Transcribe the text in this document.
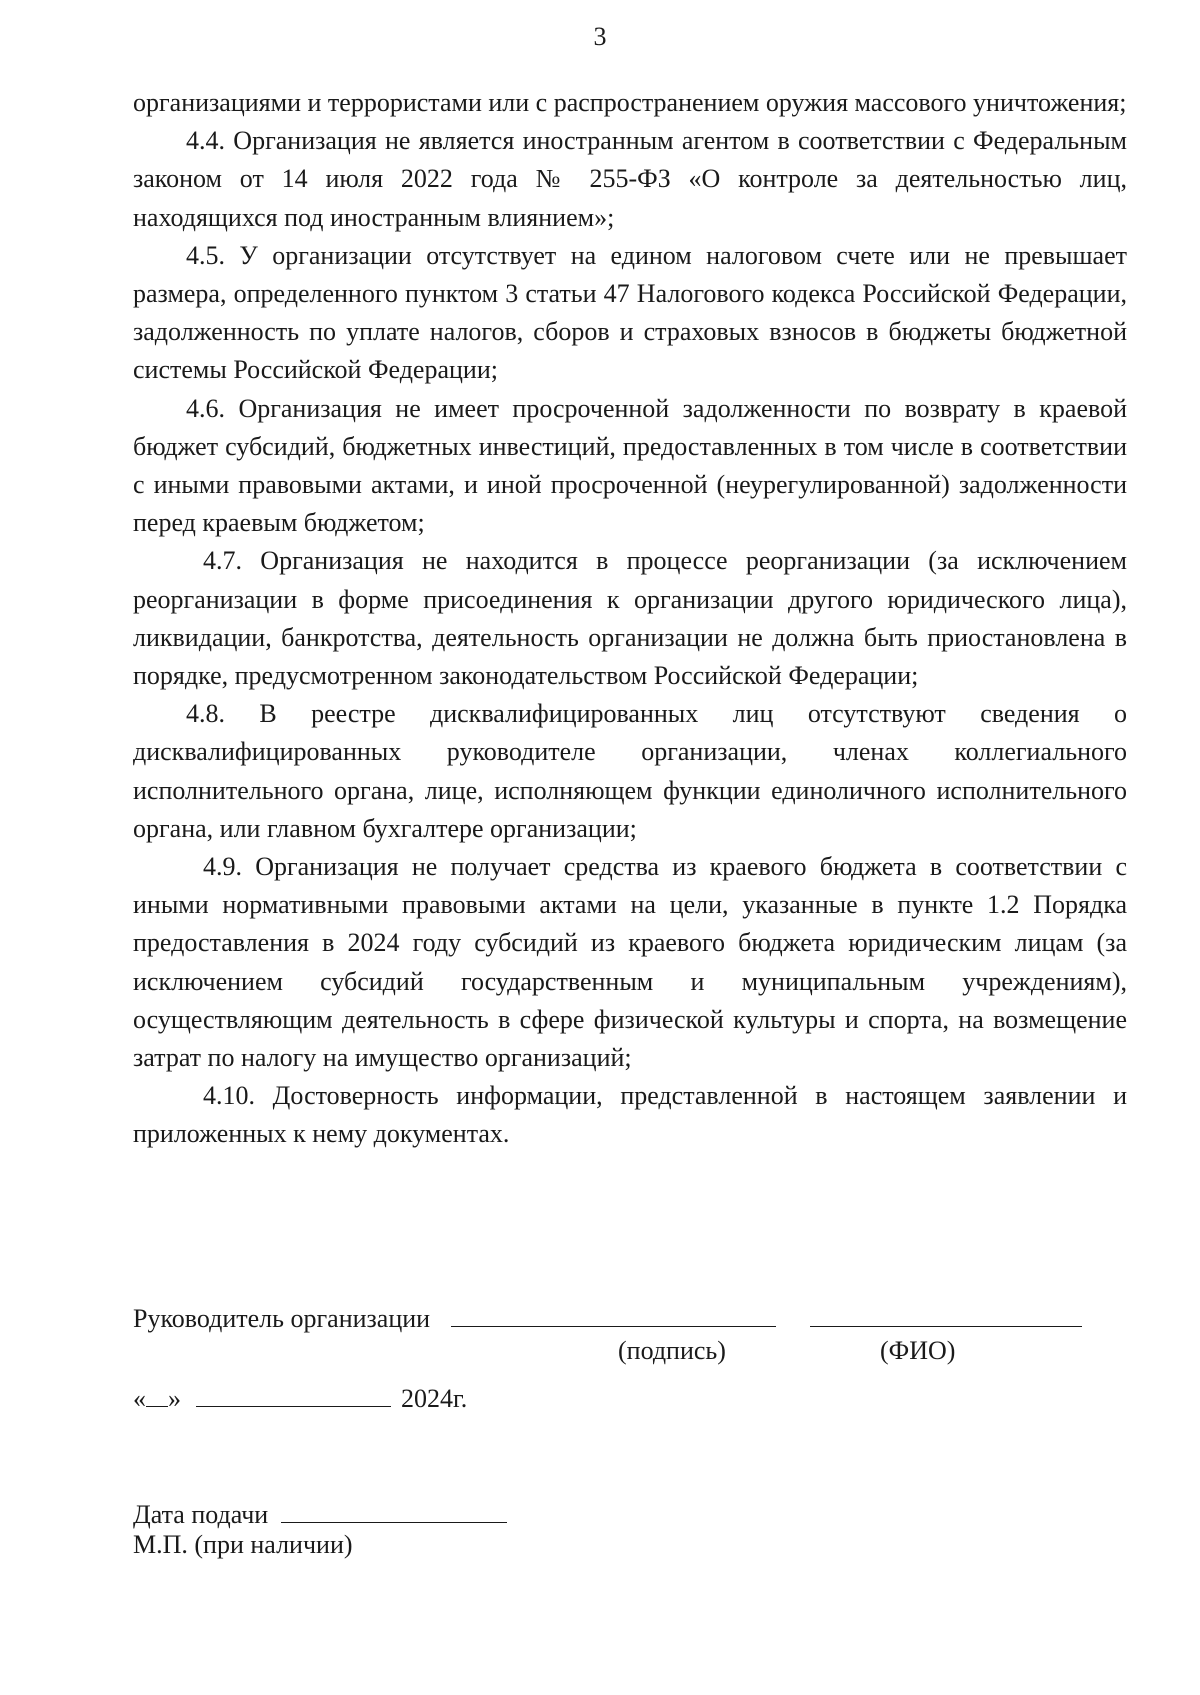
3

организациями и террористами или с распространением оружия массового уничтожения;

4.4. Организация не является иностранным агентом в соответствии с Федеральным законом от 14 июля 2022 года № 255-ФЗ «О контроле за деятельностью лиц, находящихся под иностранным влиянием»;

4.5. У организации отсутствует на едином налоговом счете или не превышает размера, определенного пунктом 3 статьи 47 Налогового кодекса Российской Федерации, задолженность по уплате налогов, сборов и страховых взносов в бюджеты бюджетной системы Российской Федерации;

4.6. Организация не имеет просроченной задолженности по возврату в краевой бюджет субсидий, бюджетных инвестиций, предоставленных в том числе в соответствии с иными правовыми актами, и иной просроченной (неурегулированной) задолженности перед краевым бюджетом;

4.7. Организация не находится в процессе реорганизации (за исключением реорганизации в форме присоединения к организации другого юридического лица), ликвидации, банкротства, деятельность организации не должна быть приостановлена в порядке, предусмотренном законодательством Российской Федерации;

4.8. В реестре дисквалифицированных лиц отсутствуют сведения о дисквалифицированных руководителе организации, членах коллегиального исполнительного органа, лице, исполняющем функции единоличного исполнительного органа, или главном бухгалтере организации;

4.9. Организация не получает средства из краевого бюджета в соответствии с иными нормативными правовыми актами на цели, указанные в пункте 1.2 Порядка предоставления в 2024 году субсидий из краевого бюджета юридическим лицам (за исключением субсидий государственным и муниципальным учреждениям), осуществляющим деятельность в сфере физической культуры и спорта, на возмещение затрат по налогу на имущество организаций;

4.10. Достоверность информации, представленной в настоящем заявлении и приложенных к нему документах.

Руководитель организации
(подпись)	(ФИО)
« »	2024г.
Дата подачи
М.П. (при наличии)
